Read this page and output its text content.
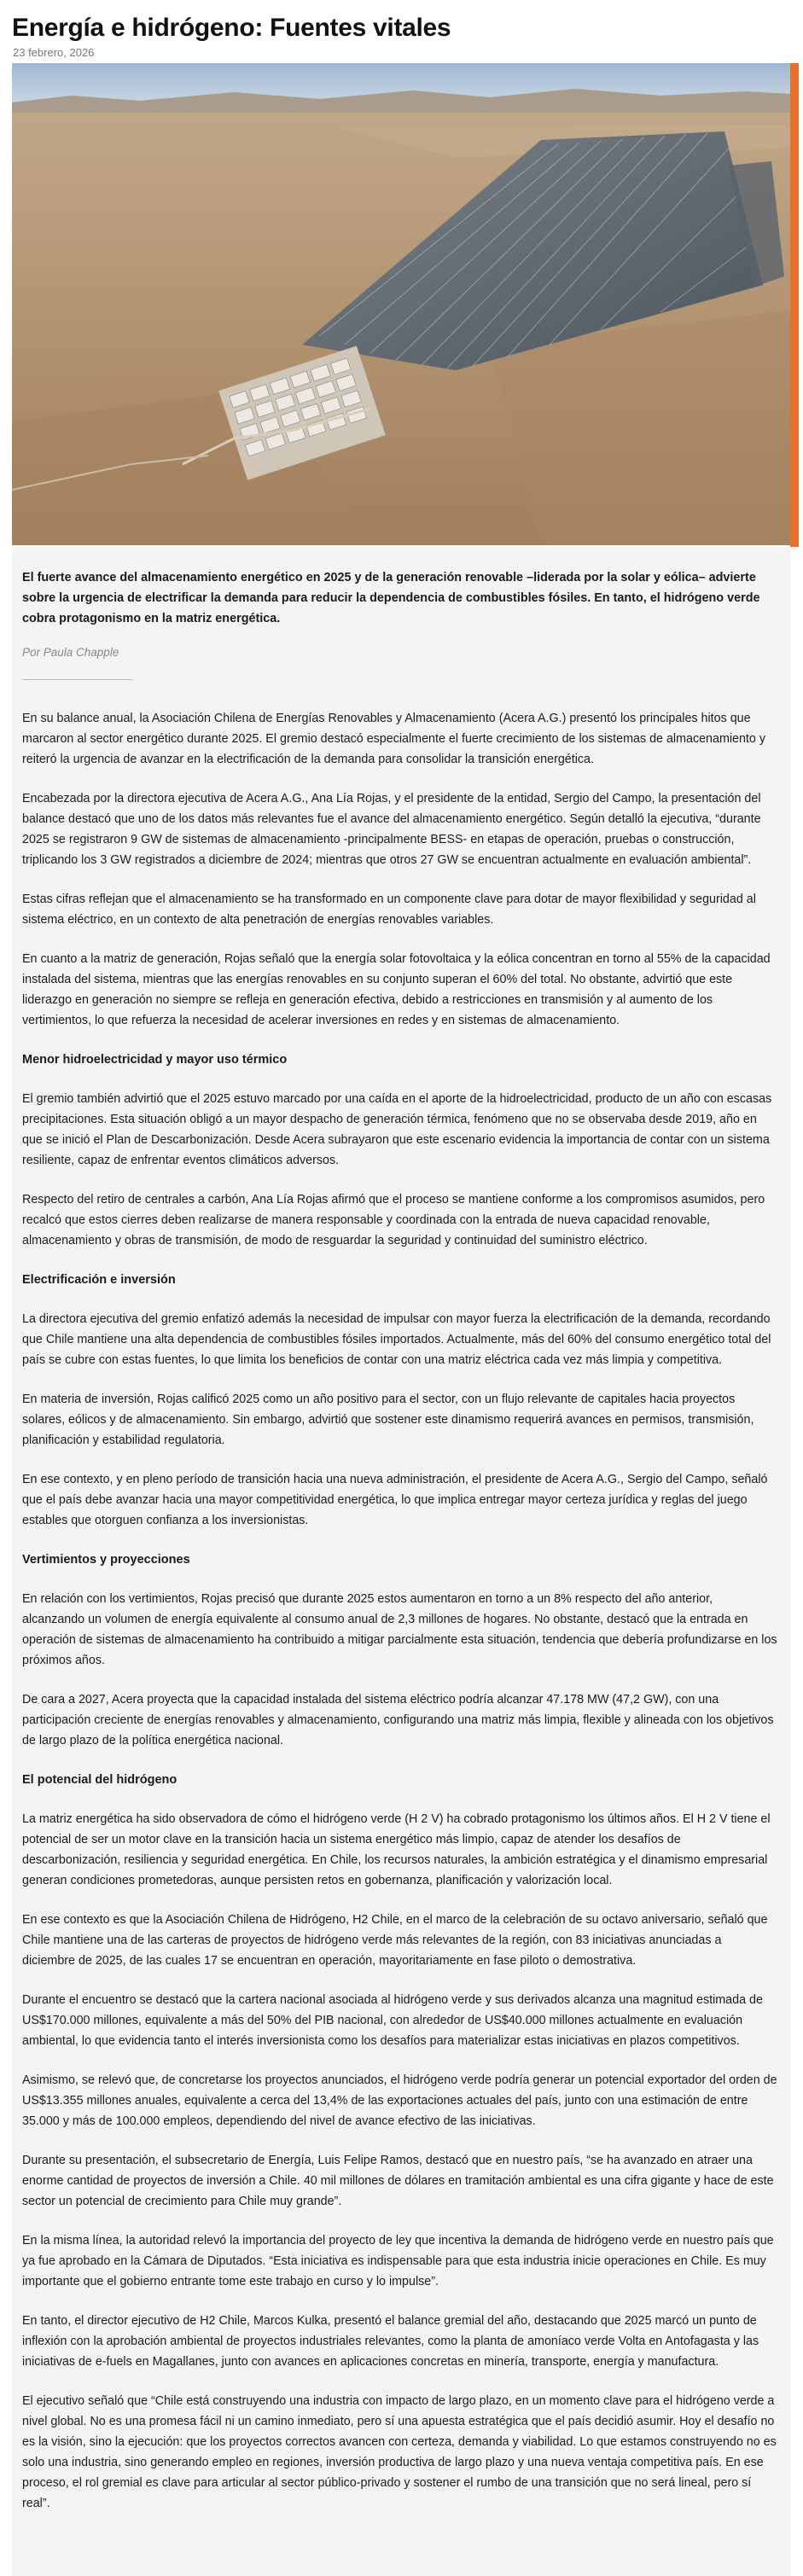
Energía e hidrógeno: Fuentes vitales

23 febrero, 2026

El fuerte avance del almacenamiento energético en 2025 y de la generación renovable –liderada por la solar y eólica– advierte sobre la urgencia de electrificar la demanda para reducir la dependencia de combustibles fósiles. En tanto, el hidrógeno verde cobra protagonismo en la matriz energética.

Por Paula Chapple

En su balance anual, la Asociación Chilena de Energías Renovables y Almacenamiento (Acera A.G.) presentó los principales hitos que marcaron al sector energético durante 2025. El gremio destacó especialmente el fuerte crecimiento de los sistemas de almacenamiento y reiteró la urgencia de avanzar en la electrificación de la demanda para consolidar la transición energética.

Encabezada por la directora ejecutiva de Acera A.G., Ana Lía Rojas, y el presidente de la entidad, Sergio del Campo, la presentación del balance destacó que uno de los datos más relevantes fue el avance del almacenamiento energético. Según detalló la ejecutiva, “durante 2025 se registraron 9 GW de sistemas de almacenamiento -principalmente BESS- en etapas de operación, pruebas o construcción, triplicando los 3 GW registrados a diciembre de 2024; mientras que otros 27 GW se encuentran actualmente en evaluación ambiental”.

Estas cifras reflejan que el almacenamiento se ha transformado en un componente clave para dotar de mayor flexibilidad y seguridad al sistema eléctrico, en un contexto de alta penetración de energías renovables variables.

En cuanto a la matriz de generación, Rojas señaló que la energía solar fotovoltaica y la eólica concentran en torno al 55% de la capacidad instalada del sistema, mientras que las energías renovables en su conjunto superan el 60% del total. No obstante, advirtió que este liderazgo en generación no siempre se refleja en generación efectiva, debido a restricciones en transmisión y al aumento de los vertimientos, lo que refuerza la necesidad de acelerar inversiones en redes y en sistemas de almacenamiento.

Menor hidroelectricidad y mayor uso térmico

El gremio también advirtió que el 2025 estuvo marcado por una caída en el aporte de la hidroelectricidad, producto de un año con escasas precipitaciones. Esta situación obligó a un mayor despacho de generación térmica, fenómeno que no se observaba desde 2019, año en que se inició el Plan de Descarbonización. Desde Acera subrayaron que este escenario evidencia la importancia de contar con un sistema resiliente, capaz de enfrentar eventos climáticos adversos.

Respecto del retiro de centrales a carbón, Ana Lía Rojas afirmó que el proceso se mantiene conforme a los compromisos asumidos, pero recalcó que estos cierres deben realizarse de manera responsable y coordinada con la entrada de nueva capacidad renovable, almacenamiento y obras de transmisión, de modo de resguardar la seguridad y continuidad del suministro eléctrico.

Electrificación e inversión

La directora ejecutiva del gremio enfatizó además la necesidad de impulsar con mayor fuerza la electrificación de la demanda, recordando que Chile mantiene una alta dependencia de combustibles fósiles importados. Actualmente, más del 60% del consumo energético total del país se cubre con estas fuentes, lo que limita los beneficios de contar con una matriz eléctrica cada vez más limpia y competitiva.

En materia de inversión, Rojas calificó 2025 como un año positivo para el sector, con un flujo relevante de capitales hacia proyectos solares, eólicos y de almacenamiento. Sin embargo, advirtió que sostener este dinamismo requerirá avances en permisos, transmisión, planificación y estabilidad regulatoria.

En ese contexto, y en pleno período de transición hacia una nueva administración, el presidente de Acera A.G., Sergio del Campo, señaló que el país debe avanzar hacia una mayor competitividad energética, lo que implica entregar mayor certeza jurídica y reglas del juego estables que otorguen confianza a los inversionistas.

Vertimientos y proyecciones

En relación con los vertimientos, Rojas precisó que durante 2025 estos aumentaron en torno a un 8% respecto del año anterior, alcanzando un volumen de energía equivalente al consumo anual de 2,3 millones de hogares. No obstante, destacó que la entrada en operación de sistemas de almacenamiento ha contribuido a mitigar parcialmente esta situación, tendencia que debería profundizarse en los próximos años.

De cara a 2027, Acera proyecta que la capacidad instalada del sistema eléctrico podría alcanzar 47.178 MW (47,2 GW), con una participación creciente de energías renovables y almacenamiento, configurando una matriz más limpia, flexible y alineada con los objetivos de largo plazo de la política energética nacional.

El potencial del hidrógeno

La matriz energética ha sido observadora de cómo el hidrógeno verde (H 2 V) ha cobrado protagonismo los últimos años. El H 2 V tiene el potencial de ser un motor clave en la transición hacia un sistema energético más limpio, capaz de atender los desafíos de descarbonización, resiliencia y seguridad energética. En Chile, los recursos naturales, la ambición estratégica y el dinamismo empresarial generan condiciones prometedoras, aunque persisten retos en gobernanza, planificación y valorización local.

En ese contexto es que la Asociación Chilena de Hidrógeno, H2 Chile, en el marco de la celebración de su octavo aniversario, señaló que Chile mantiene una de las carteras de proyectos de hidrógeno verde más relevantes de la región, con 83 iniciativas anunciadas a diciembre de 2025, de las cuales 17 se encuentran en operación, mayoritariamente en fase piloto o demostrativa.

Durante el encuentro se destacó que la cartera nacional asociada al hidrógeno verde y sus derivados alcanza una magnitud estimada de US$170.000 millones, equivalente a más del 50% del PIB nacional, con alrededor de US$40.000 millones actualmente en evaluación ambiental, lo que evidencia tanto el interés inversionista como los desafíos para materializar estas iniciativas en plazos competitivos.

Asimismo, se relevó que, de concretarse los proyectos anunciados, el hidrógeno verde podría generar un potencial exportador del orden de US$13.355 millones anuales, equivalente a cerca del 13,4% de las exportaciones actuales del país, junto con una estimación de entre 35.000 y más de 100.000 empleos, dependiendo del nivel de avance efectivo de las iniciativas.

Durante su presentación, el subsecretario de Energía, Luis Felipe Ramos, destacó que en nuestro país, “se ha avanzado en atraer una enorme cantidad de proyectos de inversión a Chile. 40 mil millones de dólares en tramitación ambiental es una cifra gigante y hace de este sector un potencial de crecimiento para Chile muy grande”.

En la misma línea, la autoridad relevó la importancia del proyecto de ley que incentiva la demanda de hidrógeno verde en nuestro país que ya fue aprobado en la Cámara de Diputados. “Esta iniciativa es indispensable para que esta industria inicie operaciones en Chile. Es muy importante que el gobierno entrante tome este trabajo en curso y lo impulse”.

En tanto, el director ejecutivo de H2 Chile, Marcos Kulka, presentó el balance gremial del año, destacando que 2025 marcó un punto de inflexión con la aprobación ambiental de proyectos industriales relevantes, como la planta de amoníaco verde Volta en Antofagasta y las iniciativas de e-fuels en Magallanes, junto con avances en aplicaciones concretas en minería, transporte, energía y manufactura.

El ejecutivo señaló que “Chile está construyendo una industria con impacto de largo plazo, en un momento clave para el hidrógeno verde a nivel global. No es una promesa fácil ni un camino inmediato, pero sí una apuesta estratégica que el país decidió asumir. Hoy el desafío no es la visión, sino la ejecución: que los proyectos correctos avancen con certeza, demanda y viabilidad. Lo que estamos construyendo no es solo una industria, sino generando empleo en regiones, inversión productiva de largo plazo y una nueva ventaja competitiva país. En ese proceso, el rol gremial es clave para articular al sector público-privado y sostener el rumbo de una transición que no será lineal, pero sí real”.
